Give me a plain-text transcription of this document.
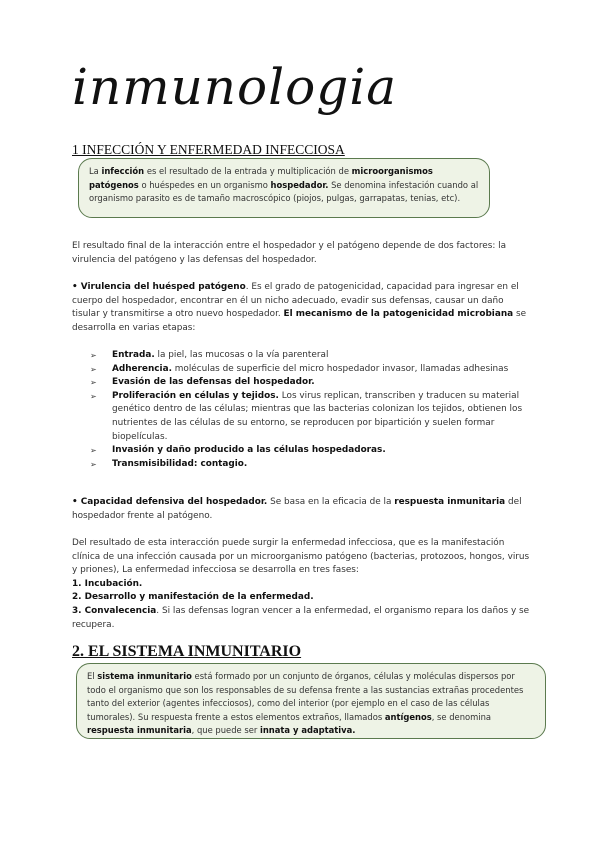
inmunologia
1 INFECCIÓN Y ENFERMEDAD INFECCIOSA
La infección es el resultado de la entrada y multiplicación de microorganismos patógenos o huéspedes en un organismo hospedador. Se denomina infestación cuando al organismo parasito es de tamaño macroscópico (piojos, pulgas, garrapatas, tenias, etc).
El resultado final de la interacción entre el hospedador y el patógeno depende de dos factores: la virulencia del patógeno y las defensas del hospedador.
• Virulencia del huésped patógeno. Es el grado de patogenicidad, capacidad para ingresar en el cuerpo del hospedador, encontrar en él un nicho adecuado, evadir sus defensas, causar un daño tisular y transmitirse a otro nuevo hospedador. El mecanismo de la patogenicidad microbiana se desarrolla en varias etapas:
➢ Entrada. la piel, las mucosas o la vía parenteral
➢ Adherencia. moléculas de superficie del micro hospedador invasor, llamadas adhesinas
➢ Evasión de las defensas del hospedador.
➢ Proliferación en células y tejidos. Los virus replican, transcriben y traducen su material genético dentro de las células; mientras que las bacterias colonizan los tejidos, obtienen los nutrientes de las células de su entorno, se reproducen por bipartición y suelen formar biopelículas.
➢ Invasión y daño producido a las células hospedadoras.
➢ Transmisibilidad: contagio.
• Capacidad defensiva del hospedador. Se basa en la eficacia de la respuesta inmunitaria del hospedador frente al patógeno.
Del resultado de esta interacción puede surgir la enfermedad infecciosa, que es la manifestación clínica de una infección causada por un microorganismo patógeno (bacterias, protozoos, hongos, virus y priones), La enfermedad infecciosa se desarrolla en tres fases:
1. Incubación.
2. Desarrollo y manifestación de la enfermedad.
3. Convalecencia. Si las defensas logran vencer a la enfermedad, el organismo repara los daños y se recupera.
2. EL SISTEMA INMUNITARIO
El sistema inmunitario está formado por un conjunto de órganos, células y moléculas dispersos por todo el organismo que son los responsables de su defensa frente a las sustancias extrañas procedentes tanto del exterior (agentes infecciosos), como del interior (por ejemplo en el caso de las células tumorales). Su respuesta frente a estos elementos extraños, llamados antígenos, se denomina respuesta inmunitaria, que puede ser innata y adaptativa.
